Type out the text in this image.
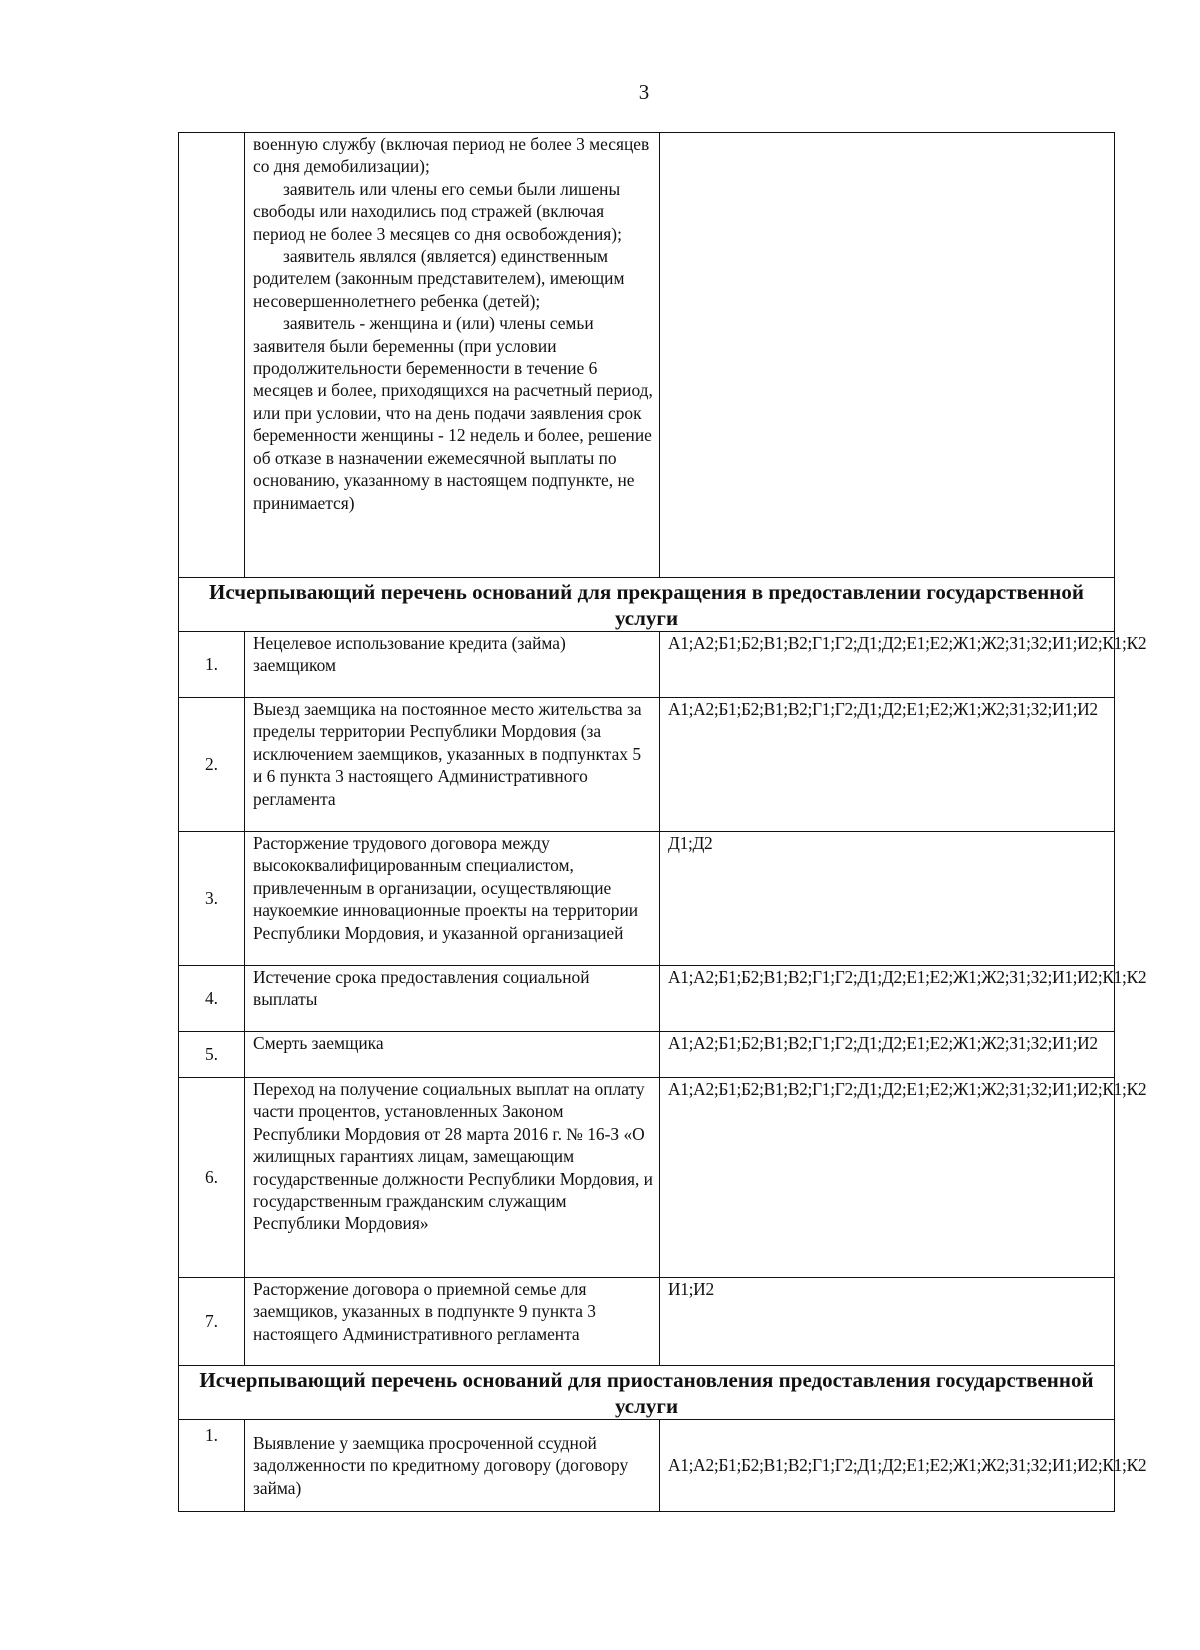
3

	военную службу (включая период не более 3 месяцев со дня демобилизации);

заявитель или члены его семьи были лишены свободы или находились под стражей (включая период не более 3 месяцев со дня освобождения);

заявитель являлся (является) единственным родителем (законным представителем), имеющим несовершеннолетнего ребенка (детей);

заявитель - женщина и (или) члены семьи заявителя были беременны (при условии продолжительности беременности в течение 6 месяцев и более, приходящихся на расчетный период, или при условии, что на день подачи заявления срок беременности женщины - 12 недель и более, решение об отказе в назначении ежемесячной выплаты по основанию, указанному в настоящем подпункте, не принимается)	

Исчерпывающий перечень оснований для прекращения в предоставлении государственной услуги		
1.	Нецелевое использование кредита (займа) заемщиком	А1;А2;Б1;Б2;В1;В2;Г1;Г2;Д1;Д2;Е1;Е2;Ж1;Ж2;З1;З2;И1;И2;К1;К2
2.	Выезд заемщика на постоянное место жительства за пределы территории Республики Мордовия (за исключением заемщиков, указанных в подпунктах 5 и 6 пункта 3 настоящего Административного регламента	А1;А2;Б1;Б2;В1;В2;Г1;Г2;Д1;Д2;Е1;Е2;Ж1;Ж2;З1;З2;И1;И2
3.	Расторжение трудового договора между высококвалифицированным специалистом, привлеченным в организации, осуществляющие наукоемкие инновационные проекты на территории Республики Мордовия, и указанной организацией	Д1;Д2
4.	Истечение срока предоставления социальной выплаты	А1;А2;Б1;Б2;В1;В2;Г1;Г2;Д1;Д2;Е1;Е2;Ж1;Ж2;З1;З2;И1;И2;К1;К2
5.	Смерть заемщика	А1;А2;Б1;Б2;В1;В2;Г1;Г2;Д1;Д2;Е1;Е2;Ж1;Ж2;З1;З2;И1;И2
6.	Переход на получение социальных выплат на оплату части процентов, установленных Законом Республики Мордовия от 28 марта 2016 г. № 16-З «О жилищных гарантиях лицам, замещающим государственные должности Республики Мордовия, и государственным гражданским служащим Республики Мордовия»	А1;А2;Б1;Б2;В1;В2;Г1;Г2;Д1;Д2;Е1;Е2;Ж1;Ж2;З1;З2;И1;И2;К1;К2
7.	Расторжение договора о приемной семье для заемщиков, указанных в подпункте 9 пункта 3 настоящего Административного регламента	И1;И2
Исчерпывающий перечень оснований для приостановления предоставления государственной услуги		
1.	Выявление у заемщика просроченной ссудной задолженности по кредитному договору (договору займа)	А1;А2;Б1;Б2;В1;В2;Г1;Г2;Д1;Д2;Е1;Е2;Ж1;Ж2;З1;З2;И1;И2;К1;К2
